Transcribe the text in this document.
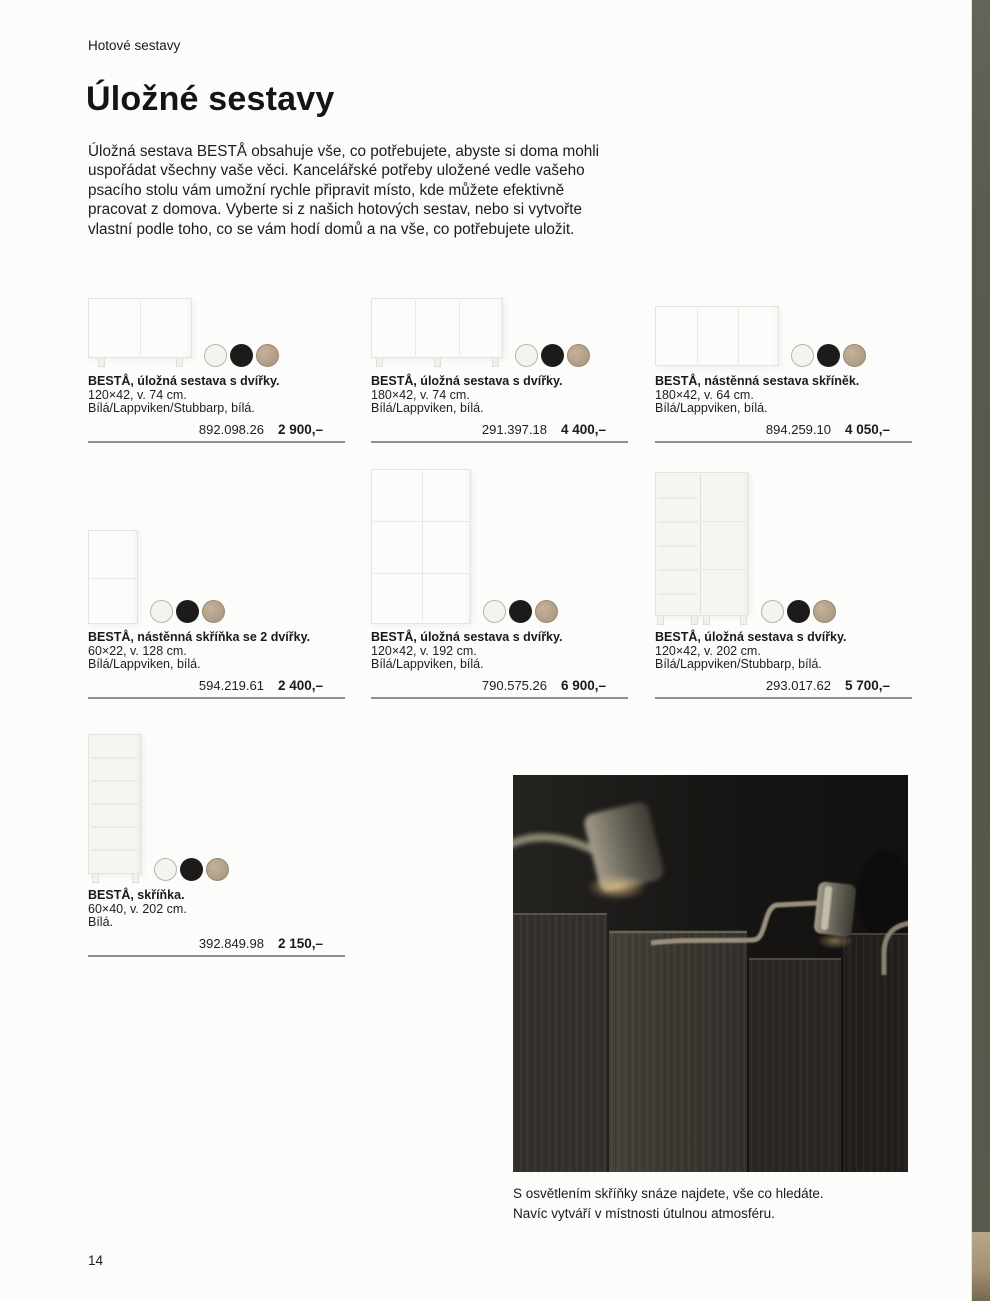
Hotové sestavy
Úložné sestavy

Úložná sestava BESTÅ obsahuje vše, co potřebujete, abyste si doma mohli uspořádat všechny vaše věci. Kancelářské potřeby uložené vedle vašeho psacího stolu vám umožní rychle připravit místo, kde můžete efektivně pracovat z domova. Vyberte si z našich hotových sestav, nebo si vytvořte vlastní podle toho, co se vám hodí domů a na vše, co potřebujete uložit.

BESTÅ, úložná sestava s dvířky.
120×42, v. 74 cm.
Bílá/Lappviken/Stubbarp, bílá.
892.098.26	2 900,–
BESTÅ, úložná sestava s dvířky.
180×42, v. 74 cm.
Bílá/Lappviken, bílá.
291.397.18	4 400,–
BESTÅ, nástěnná sestava skříněk.
180×42, v. 64 cm.
Bílá/Lappviken, bílá.
894.259.10	4 050,–
BESTÅ, nástěnná skříňka se 2 dvířky.
60×22, v. 128 cm.
Bílá/Lappviken, bílá.
594.219.61	2 400,–
BESTÅ, úložná sestava s dvířky.
120×42, v. 192 cm.
Bílá/Lappviken, bílá.
790.575.26	6 900,–
BESTÅ, úložná sestava s dvířky.
120×42, v. 202 cm.
Bílá/Lappviken/Stubbarp, bílá.
293.017.62	5 700,–
BESTÅ, skříňka.
60×40, v. 202 cm.
Bílá.
392.849.98	2 150,–
S osvětlením skříňky snáze najdete, vše co hledáte.
Navíc vytváří v místnosti útulnou atmosféru.
14
